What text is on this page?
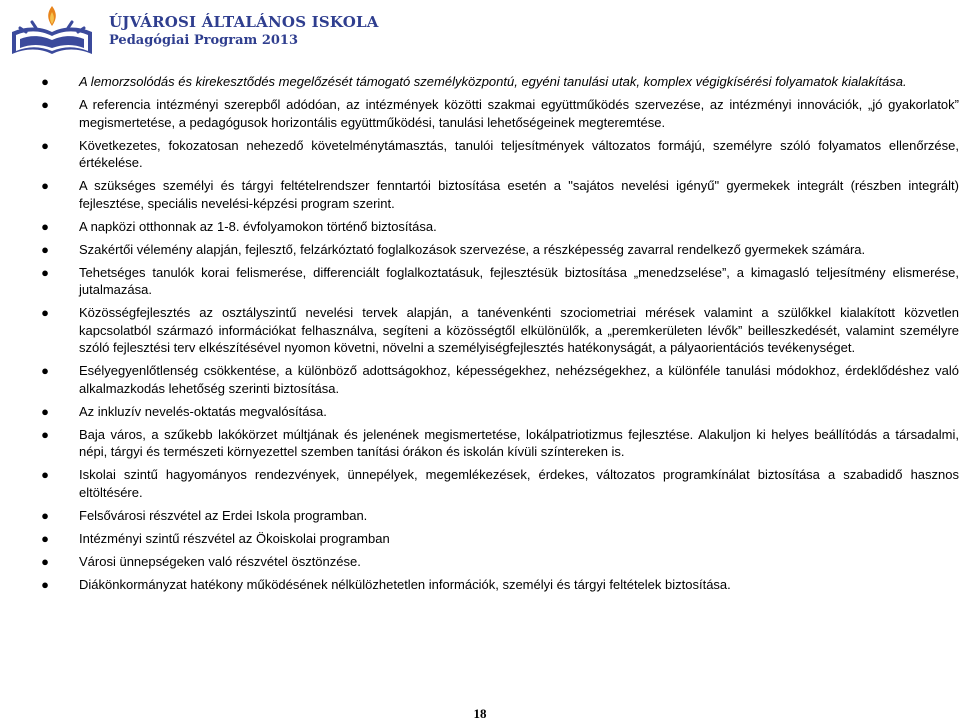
ÚJVÁROSI ÁLTALÁNOS ISKOLA
Pedagógiai Program 2013
● A lemorzsolódás és kirekesztődés megelőzését támogató személyközpontú, egyéni tanulási utak, komplex végigkísérési folyamatok kialakítása.
● A referencia intézményi szerepből adódóan, az intézmények közötti szakmai együttműködés szervezése, az intézményi innovációk, „jó gyakorlatok” megismertetése, a pedagógusok horizontális együttműködési, tanulási lehetőségeinek megteremtése.
● Következetes, fokozatosan nehezedő követelménytámasztás, tanulói teljesítmények változatos formájú, személyre szóló folyamatos ellenőrzése, értékelése.
● A szükséges személyi és tárgyi feltételrendszer fenntartói biztosítása esetén a "sajátos nevelési igényű" gyermekek integrált (részben integrált) fejlesztése, speciális nevelési-képzési program szerint.
● A napközi otthonnak az 1-8. évfolyamokon történő biztosítása.
● Szakértői vélemény alapján, fejlesztő, felzárkóztató foglalkozások szervezése, a részképesség zavarral rendelkező gyermekek számára.
● Tehetséges tanulók korai felismerése, differenciált foglalkoztatásuk, fejlesztésük biztosítása „menedzselése”, a kimagasló teljesítmény elismerése, jutalmazása.
● Közösségfejlesztés az osztályszintű nevelési tervek alapján, a tanévenkénti szociometriai mérések valamint a szülőkkel kialakított közvetlen kapcsolatból származó információkat felhasználva, segíteni a közösségtől elkülönülők, a „peremkerületen lévők” beilleszkedését, valamint személyre szóló fejlesztési terv elkészítésével nyomon követni, növelni a személyiségfejlesztés hatékonyságát, a pályaorientációs tevékenységet.
● Esélyegyenlőtlenség csökkentése, a különböző adottságokhoz, képességekhez, nehézségekhez, a különféle tanulási módokhoz, érdeklődéshez való alkalmazkodás lehetőség szerinti biztosítása.
● Az inkluzív nevelés-oktatás megvalósítása.
● Baja város, a szűkebb lakókörzet múltjának és jelenének megismertetése, lokálpatriotizmus fejlesztése. Alakuljon ki helyes beállítódás a társadalmi, népi, tárgyi és természeti környezettel szemben tanítási órákon és iskolán kívüli színtereken is.
● Iskolai szintű hagyományos rendezvények, ünnepélyek, megemlékezések, érdekes, változatos programkínálat biztosítása a szabadidő hasznos eltöltésére.
● Felsővárosi részvétel az Erdei Iskola programban.
● Intézményi szintű részvétel az Ökoiskolai programban
● Városi ünnepségeken való részvétel ösztönzése.
● Diákönkormányzat hatékony működésének nélkülözhetetlen információk, személyi és tárgyi feltételek biztosítása.
18
